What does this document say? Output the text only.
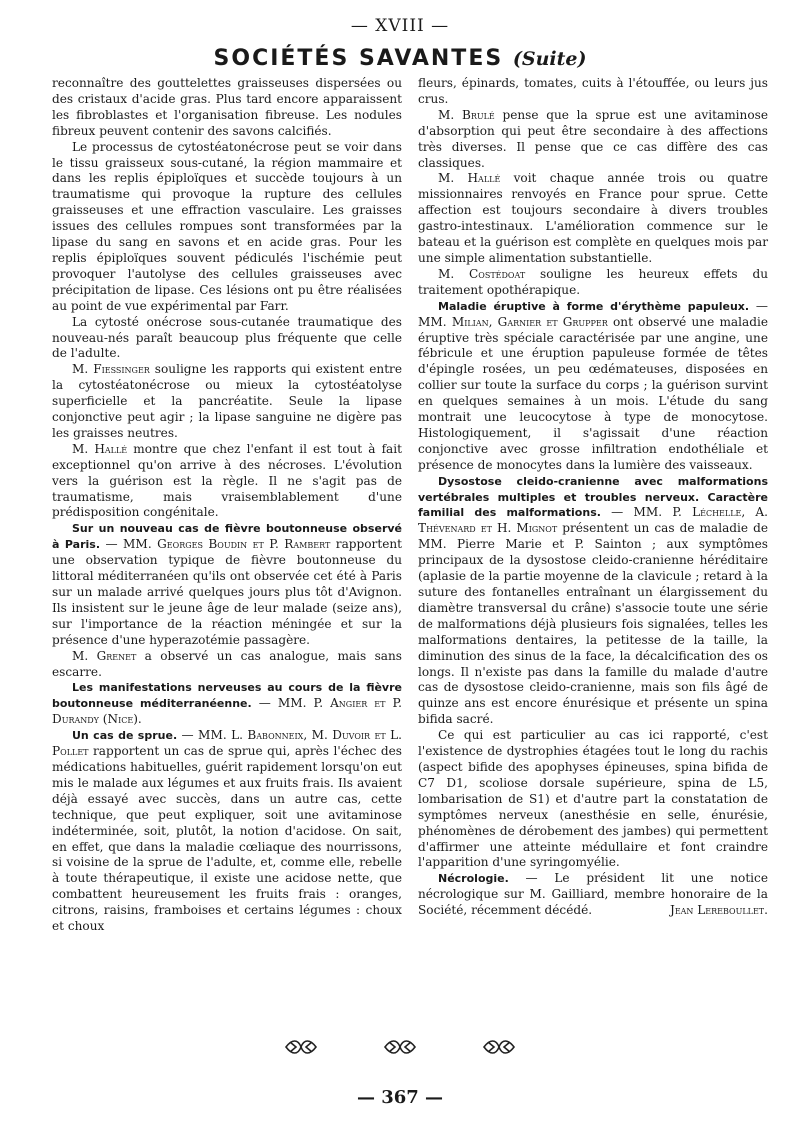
— XVIII —
SOCIÉTÉS SAVANTES (Suite)

reconnaître des gouttelettes graisseuses dispersées ou des cristaux d'acide gras. Plus tard encore apparaissent les fibroblastes et l'organisation fibreuse. Les nodules fibreux peuvent contenir des savons calcifiés.

Le processus de cytostéatonécrose peut se voir dans le tissu graisseux sous-cutané, la région mammaire et dans les replis épiploïques et succède toujours à un traumatisme qui provoque la rupture des cellules graisseuses et une effraction vasculaire. Les graisses issues des cellules rompues sont transformées par la lipase du sang en savons et en acide gras. Pour les replis épiploïques souvent pédiculés l'ischémie peut provoquer l'autolyse des cellules graisseuses avec précipitation de lipase. Ces lésions ont pu être réalisées au point de vue expérimental par Farr.

La cytosté onécrose sous-cutanée traumatique des nouveau-nés paraît beaucoup plus fréquente que celle de l'adulte.

M. Fiessinger souligne les rapports qui existent entre la cytostéatonécrose ou mieux la cytostéatolyse superficielle et la pancréatite. Seule la lipase conjonctive peut agir ; la lipase sanguine ne digère pas les graisses neutres.

M. Hallé montre que chez l'enfant il est tout à fait exceptionnel qu'on arrive à des nécroses. L'évolution vers la guérison est la règle. Il ne s'agit pas de traumatisme, mais vraisemblablement d'une prédisposition congénitale.

Sur un nouveau cas de fièvre boutonneuse observé à Paris. — MM. Georges Boudin et P. Rambert rapportent une observation typique de fièvre boutonneuse du littoral méditerranéen qu'ils ont observée cet été à Paris sur un malade arrivé quelques jours plus tôt d'Avignon. Ils insistent sur le jeune âge de leur malade (seize ans), sur l'importance de la réaction méningée et sur la présence d'une hyperazotémie passagère.

M. Grenet a observé un cas analogue, mais sans escarre.

Les manifestations nerveuses au cours de la fièvre boutonneuse méditerranéenne. — MM. P. Angier et P. Durandy (Nice).

Un cas de sprue. — MM. L. Babonneix, M. Duvoir et L. Pollet rapportent un cas de sprue qui, après l'échec des médications habituelles, guérit rapidement lorsqu'on eut mis le malade aux légumes et aux fruits frais. Ils avaient déjà essayé avec succès, dans un autre cas, cette technique, que peut expliquer, soit une avitaminose indéterminée, soit, plutôt, la notion d'acidose. On sait, en effet, que dans la maladie cœliaque des nourrissons, si voisine de la sprue de l'adulte, et, comme elle, rebelle à toute thérapeutique, il existe une acidose nette, que combattent heureusement les fruits frais : oranges, citrons, raisins, framboises et certains légumes : choux et choux

fleurs, épinards, tomates, cuits à l'étouffée, ou leurs jus crus.

M. Brulé pense que la sprue est une avitaminose d'absorption qui peut être secondaire à des affections très diverses. Il pense que ce cas diffère des cas classiques.

M. Hallé voit chaque année trois ou quatre missionnaires renvoyés en France pour sprue. Cette affection est toujours secondaire à divers troubles gastro-intestinaux. L'amélioration commence sur le bateau et la guérison est complète en quelques mois par une simple alimentation substantielle.

M. Costédoat souligne les heureux effets du traitement opothérapique.

Maladie éruptive à forme d'érythème papuleux. — MM. Milian, Garnier et Grupper ont observé une maladie éruptive très spéciale caractérisée par une angine, une fébricule et une éruption papuleuse formée de têtes d'épingle rosées, un peu œdémateuses, disposées en collier sur toute la surface du corps ; la guérison survint en quelques semaines à un mois. L'étude du sang montrait une leucocytose à type de monocytose. Histologiquement, il s'agissait d'une réaction conjonctive avec grosse infiltration endothéliale et présence de monocytes dans la lumière des vaisseaux.

Dysostose cleido-cranienne avec malformations vertébrales multiples et troubles nerveux. Caractère familial des malformations. — MM. P. Léchelle, A. Thévenard et H. Mignot présentent un cas de maladie de MM. Pierre Marie et P. Sainton ; aux symptômes principaux de la dysostose cleido-cranienne héréditaire (aplasie de la partie moyenne de la clavicule ; retard à la suture des fontanelles entraînant un élargissement du diamètre transversal du crâne) s'associe toute une série de malformations déjà plusieurs fois signalées, telles les malformations dentaires, la petitesse de la taille, la diminution des sinus de la face, la décalcification des os longs. Il n'existe pas dans la famille du malade d'autre cas de dysostose cleido-cranienne, mais son fils âgé de quinze ans est encore énurésique et présente un spina bifida sacré.

Ce qui est particulier au cas ici rapporté, c'est l'existence de dystrophies étagées tout le long du rachis (aspect bifide des apophyses épineuses, spina bifida de C7 D1, scoliose dorsale supérieure, spina de L5, lombarisation de S1) et d'autre part la constatation de symptômes nerveux (anesthésie en selle, énurésie, phénomènes de dérobement des jambes) qui permettent d'affirmer une atteinte médullaire et font craindre l'apparition d'une syringomyélie.

Nécrologie. — Le président lit une notice nécrologique sur M. Gailliard, membre honoraire de la Société, récemment décédé.	Jean Lereboullet.

— 367 —
